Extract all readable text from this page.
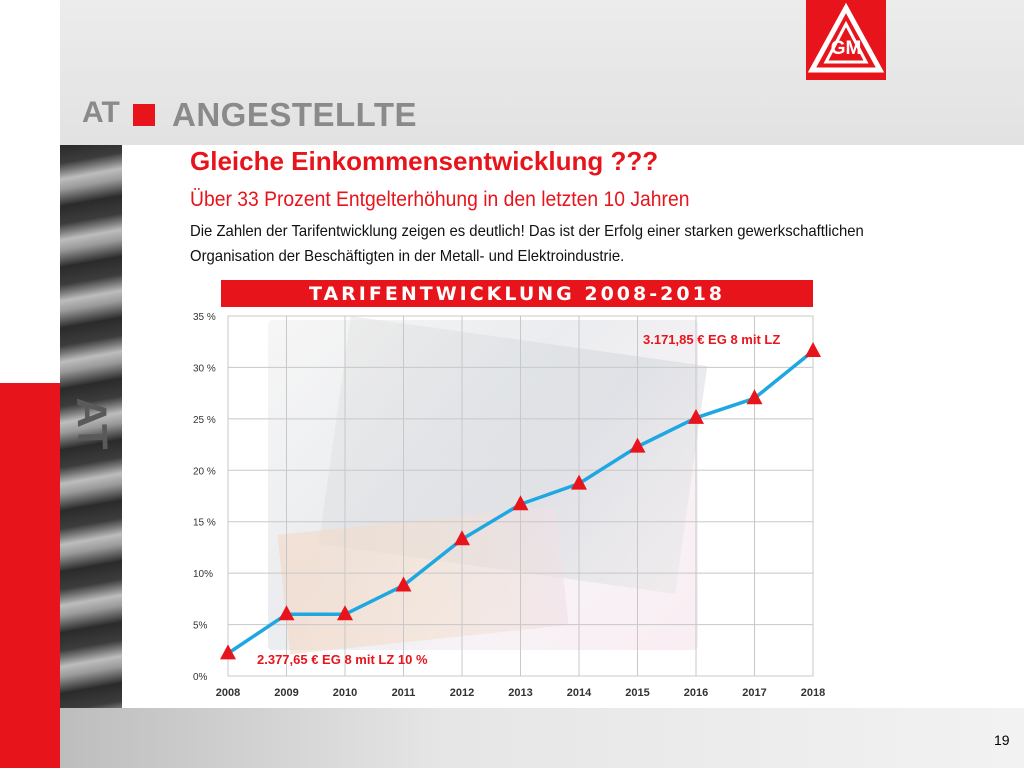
AT
GM
AT ANGESTELLTE
Gleiche Einkommensentwicklung ???
Über 33 Prozent Entgelterhöhung in den letzten 10 Jahren
Die Zahlen der Tarifentwicklung zeigen es deutlich! Das ist der Erfolg einer starken gewerkschaftlichen Organisation der Beschäftigten in der Metall- und Elektroindustrie.
TARIFENTWICKLUNG 2008-2018
0%
5%
10%
15 %
20 %
25 %
30 %
35 %
2008	2009	2010	2011	2012	2013	2014	2015	2016	2017	2018
2.377,65 € EG 8 mit LZ 10 %
3.171,85 € EG 8 mit LZ
19
